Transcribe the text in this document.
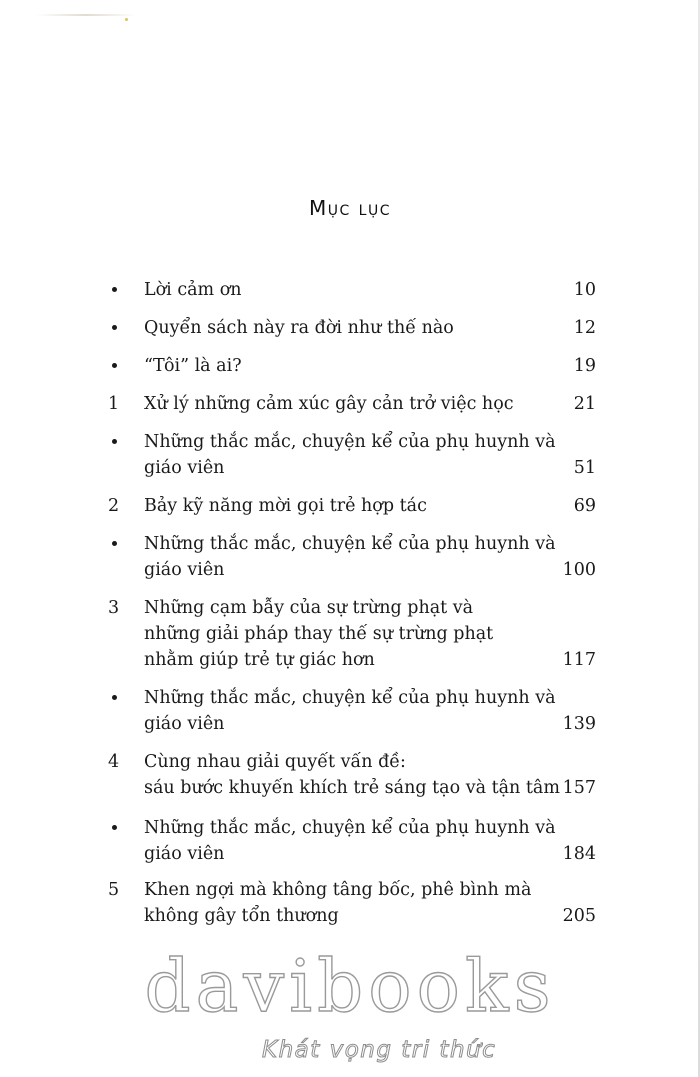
Mục lục
Lời cảm ơn	10
Quyển sách này ra đời như thế nào	12
“Tôi” là ai?	19
1	Xử lý những cảm xúc gây cản trở việc học	21
Những thắc mắc, chuyện kể của phụ huynh và
giáo viên	51
2	Bảy kỹ năng mời gọi trẻ hợp tác	69
Những thắc mắc, chuyện kể của phụ huynh và
giáo viên	100
3	Những cạm bẫy của sự trừng phạt và
những giải pháp thay thế sự trừng phạt
nhằm giúp trẻ tự giác hơn	117
Những thắc mắc, chuyện kể của phụ huynh và
giáo viên	139
4	Cùng nhau giải quyết vấn đề:
sáu bước khuyến khích trẻ sáng tạo và tận tâm 157
Những thắc mắc, chuyện kể của phụ huynh và
giáo viên	184
5	Khen ngợi mà không tâng bốc, phê bình mà
không gây tổn thương	205
davibooks
Khát vọng tri thức
